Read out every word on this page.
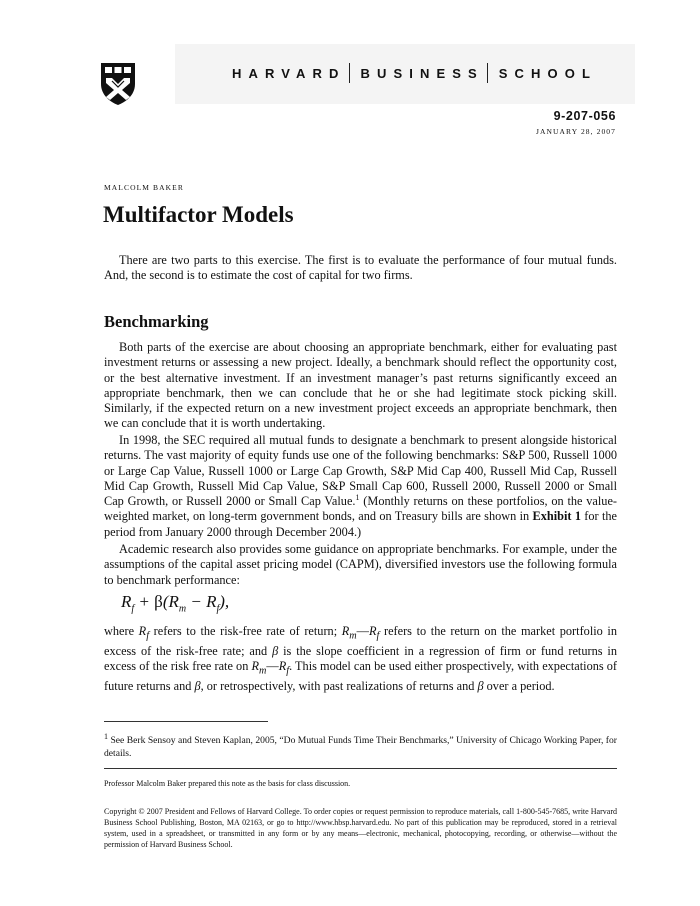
HARVARD BUSINESS SCHOOL
9-207-056
JANUARY 28, 2007
MALCOLM BAKER
Multifactor Models

There are two parts to this exercise. The first is to evaluate the performance of four mutual funds. And, the second is to estimate the cost of capital for two firms.

Benchmarking

Both parts of the exercise are about choosing an appropriate benchmark, either for evaluating past investment returns or assessing a new project. Ideally, a benchmark should reflect the opportunity cost, or the best alternative investment. If an investment manager’s past returns significantly exceed an appropriate benchmark, then we can conclude that he or she had legitimate stock picking skill. Similarly, if the expected return on a new investment project exceeds an appropriate benchmark, then we can conclude that it is worth undertaking.

In 1998, the SEC required all mutual funds to designate a benchmark to present alongside historical returns. The vast majority of equity funds use one of the following benchmarks: S&P 500, Russell 1000 or Large Cap Value, Russell 1000 or Large Cap Growth, S&P Mid Cap 400, Russell Mid Cap, Russell Mid Cap Growth, Russell Mid Cap Value, S&P Small Cap 600, Russell 2000, Russell 2000 or Small Cap Growth, or Russell 2000 or Small Cap Value.$^1$ (Monthly returns on these portfolios, on the value-weighted market, on long-term government bonds, and on Treasury bills are shown in Exhibit 1 for the period from January 2000 through December 2004.)

Academic research also provides some guidance on appropriate benchmarks. For example, under the assumptions of the capital asset pricing model (CAPM), diversified investors use the following formula to benchmark performance:

$R_f + \beta(R_m - R_f)$,

where $R_f$ refers to the risk-free rate of return; $R_m—R_f$ refers to the return on the market portfolio in excess of the risk-free rate; and β is the slope coefficient in a regression of firm or fund returns in excess of the risk free rate on $R_m—R_f$. This model can be used either prospectively, with expectations of future returns and β, or retrospectively, with past realizations of returns and β over a period.

$^1$ See Berk Sensoy and Steven Kaplan, 2005, “Do Mutual Funds Time Their Benchmarks,” University of Chicago Working Paper, for details.
Professor Malcolm Baker prepared this note as the basis for class discussion.
Copyright © 2007 President and Fellows of Harvard College. To order copies or request permission to reproduce materials, call 1-800-545-7685, write Harvard Business School Publishing, Boston, MA 02163, or go to http://www.hbsp.harvard.edu. No part of this publication may be reproduced, stored in a retrieval system, used in a spreadsheet, or transmitted in any form or by any means—electronic, mechanical, photocopying, recording, or otherwise—without the permission of Harvard Business School.
